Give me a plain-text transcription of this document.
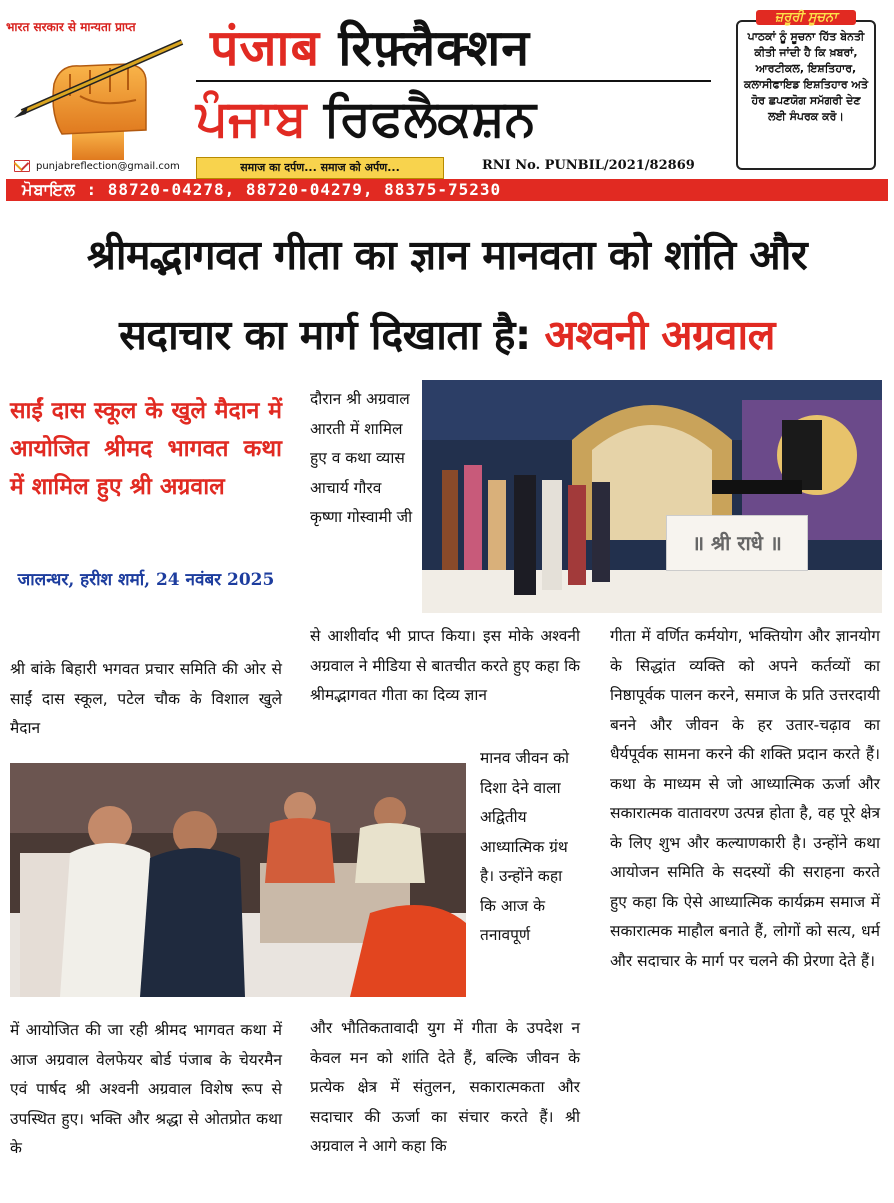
भारत सरकार से मान्यता प्राप्त
punjabreflection@gmail.com
पंजाब रिफ़्लैक्शन
ਪੰਜਾਬ ਰਿਫਲੈਕਸ਼ਨ
समाज का दर्पण... समाज को अर्पण...	RNI No. PUNBIL/2021/82869
ਜ਼ਰੂਰੀ ਸੂਚਨਾ
ਪਾਠਕਾਂ ਨੂੰ ਸੂਚਨਾ ਹਿੱਤ ਬੇਨਤੀ ਕੀਤੀ ਜਾਂਦੀ ਹੈ ਕਿ ਖ਼ਬਰਾਂ, ਆਰਟੀਕਲ, ਇਸ਼ਤਿਹਾਰ, ਕਲਾਸੀਫਾਇਡ ਇਸ਼ਤਿਹਾਰ ਅਤੇ ਹੋਰ ਛਪਣਯੋਗ ਸਮੱਗਰੀ ਦੇਣ ਲਈ ਸੰਪਰਕ ਕਰੋ।
ਮੋਬਾਇਲ : 88720-04278, 88720-04279, 88375-75230
श्रीमद्भागवत गीता का ज्ञान मानवता को शांति और
सदाचार का मार्ग दिखाता है: अश्वनी अग्रवाल
साईं दास स्कूल के खुले मैदान में आयोजित श्रीमद भागवत कथा में शामिल हुए श्री अग्रवाल
जालन्धर, हरीश शर्मा, 24 नवंबर 2025
श्री बांके बिहारी भगवत प्रचार समिति की ओर से साईं दास स्कूल, पटेल चौक के विशाल खुले मैदान
में आयोजित की जा रही श्रीमद भागवत कथा में आज अग्रवाल वेलफेयर बोर्ड पंजाब के चेयरमैन एवं पार्षद श्री अश्वनी अग्रवाल विशेष रूप से उपस्थित हुए। भक्ति और श्रद्धा से ओतप्रोत कथा के
दौरान श्री अग्रवाल आरती में शामिल हुए व कथा व्यास आचार्य गौरव कृष्णा गोस्वामी जी
से आशीर्वाद भी प्राप्त किया। इस मोके अश्वनी अग्रवाल ने मीडिया से बातचीत करते हुए कहा कि श्रीमद्भागवत गीता का दिव्य ज्ञान
मानव जीवन को दिशा देने वाला अद्वितीय आध्यात्मिक ग्रंथ है। उन्होंने कहा कि आज के तनावपूर्ण
और भौतिकतावादी युग में गीता के उपदेश न केवल मन को शांति देते हैं, बल्कि जीवन के प्रत्येक क्षेत्र में संतुलन, सकारात्मकता और सदाचार की ऊर्जा का संचार करते हैं। श्री अग्रवाल ने आगे कहा कि
गीता में वर्णित कर्मयोग, भक्तियोग और ज्ञानयोग के सिद्धांत व्यक्ति को अपने कर्तव्यों का निष्ठापूर्वक पालन करने, समाज के प्रति उत्तरदायी बनने और जीवन के हर उतार-चढ़ाव का धैर्यपूर्वक सामना करने की शक्ति प्रदान करते हैं। कथा के माध्यम से जो आध्यात्मिक ऊर्जा और सकारात्मक वातावरण उत्पन्न होता है, वह पूरे क्षेत्र के लिए शुभ और कल्याणकारी है। उन्होंने कथा आयोजन समिति के सदस्यों की सराहना करते हुए कहा कि ऐसे आध्यात्मिक कार्यक्रम समाज में सकारात्मक माहौल बनाते हैं, लोगों को सत्य, धर्म और सदाचार के मार्ग पर चलने की प्रेरणा देते हैं।
॥ श्री राधे ॥
